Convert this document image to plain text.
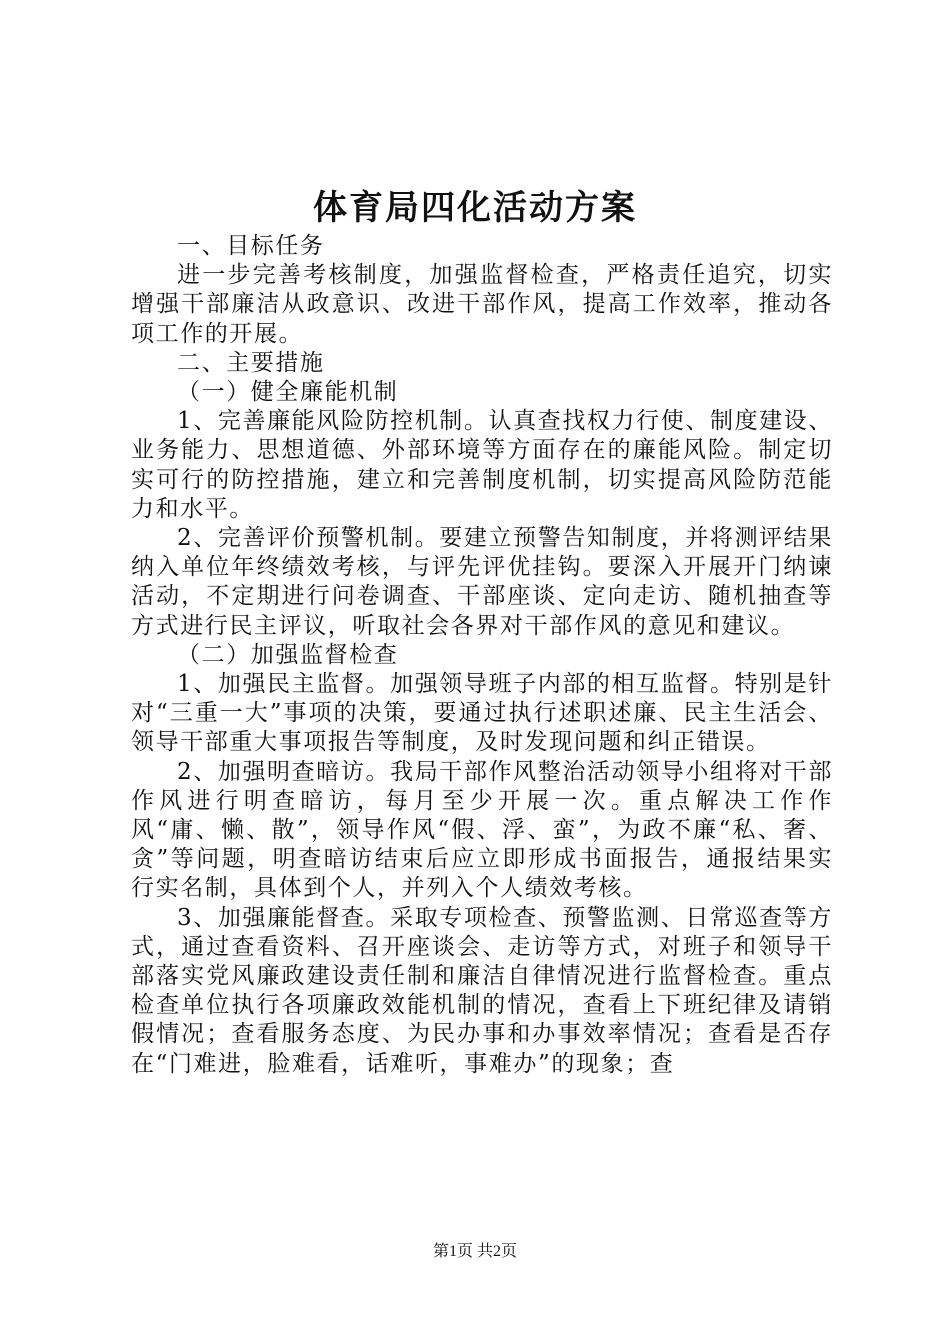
体育局四化活动方案

一、目标任务

进一步完善考核制度，加强监督检查，严格责任追究，切实增强干部廉洁从政意识、改进干部作风，提高工作效率，推动各项工作的开展。

二、主要措施

（一）健全廉能机制

1、完善廉能风险防控机制。认真查找权力行使、制度建设、业务能力、思想道德、外部环境等方面存在的廉能风险。制定切实可行的防控措施，建立和完善制度机制，切实提高风险防范能力和水平。

2、完善评价预警机制。要建立预警告知制度，并将测评结果纳入单位年终绩效考核，与评先评优挂钩。要深入开展开门纳谏活动，不定期进行问卷调查、干部座谈、定向走访、随机抽查等方式进行民主评议，听取社会各界对干部作风的意见和建议。

（二）加强监督检查

1、加强民主监督。加强领导班子内部的相互监督。特别是针对“三重一大”事项的决策，要通过执行述职述廉、民主生活会、领导干部重大事项报告等制度，及时发现问题和纠正错误。

2、加强明查暗访。我局干部作风整治活动领导小组将对干部作风进行明查暗访，每月至少开展一次。重点解决工作作风“庸、懒、散”，领导作风“假、浮、蛮”，为政不廉“私、奢、贪”等问题，明查暗访结束后应立即形成书面报告，通报结果实行实名制，具体到个人，并列入个人绩效考核。

3、加强廉能督查。采取专项检查、预警监测、日常巡查等方式，通过查看资料、召开座谈会、走访等方式，对班子和领导干部落实党风廉政建设责任制和廉洁自律情况进行监督检查。重点检查单位执行各项廉政效能机制的情况，查看上下班纪律及请销假情况；查看服务态度、为民办事和办事效率情况；查看是否存在“门难进，脸难看，话难听，事难办”的现象；查

第1页 共2页
